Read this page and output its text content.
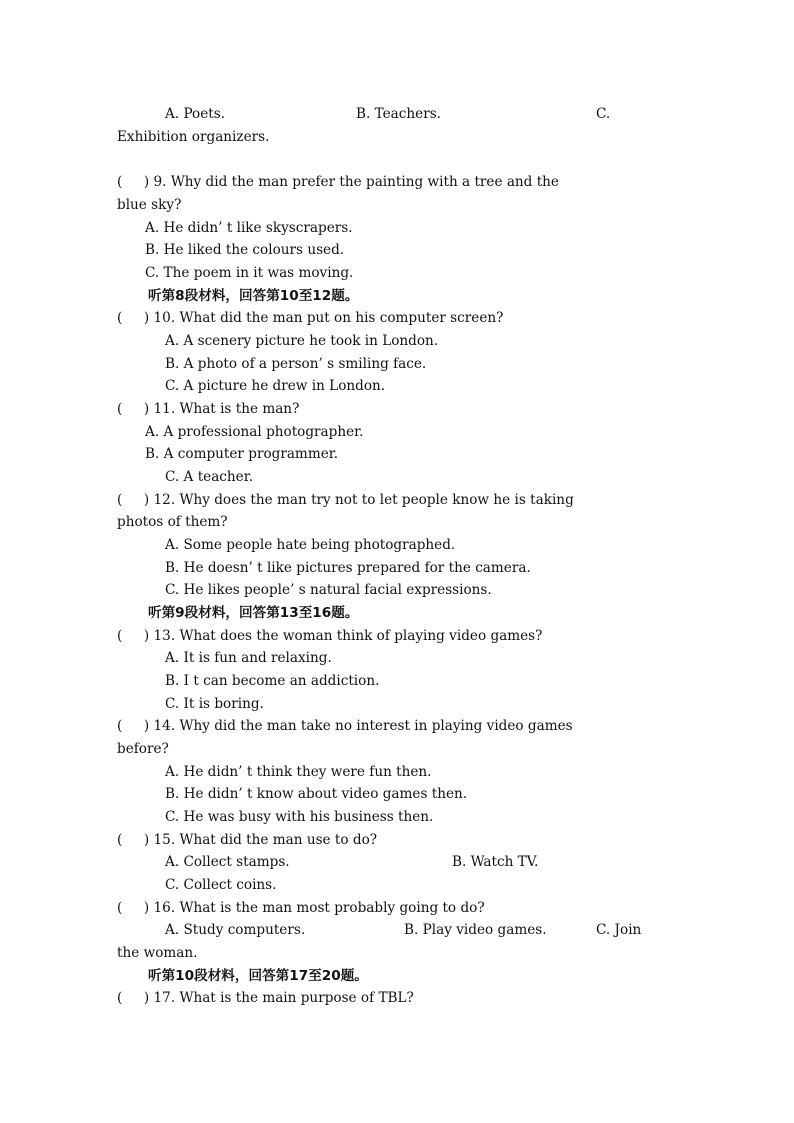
A. Poets.	B. Teachers.	C.
Exhibition organizers.
(     ) 9. Why did the man prefer the painting with a tree and the
blue sky?
A. He didn’ t like skyscrapers.
B. He liked the colours used.
C. The poem in it was moving.
听第8段材料，回答第10至12题。
(     ) 10. What did the man put on his computer screen?
A. A scenery picture he took in London.
B. A photo of a person’ s smiling face.
C. A picture he drew in London.
(     ) 11. What is the man?
A. A professional photographer.
B. A computer programmer.
C. A teacher.
(     ) 12. Why does the man try not to let people know he is taking
photos of them?
A. Some people hate being photographed.
B. He doesn’ t like pictures prepared for the camera.
C. He likes people’ s natural facial expressions.
听第9段材料，回答第13至16题。
(     ) 13. What does the woman think of playing video games?
A. It is fun and relaxing.
B. I t can become an addiction.
C. It is boring.
(     ) 14. Why did the man take no interest in playing video games
before?
A. He didn’ t think they were fun then.
B. He didn’ t know about video games then.
C. He was busy with his business then.
(     ) 15. What did the man use to do?
A. Collect stamps.	B. Watch TV.
C. Collect coins.
(     ) 16. What is the man most probably going to do?
A. Study computers.	B. Play video games.	C. Join
the woman.
听第10段材料，回答第17至20题。
(     ) 17. What is the main purpose of TBL?
